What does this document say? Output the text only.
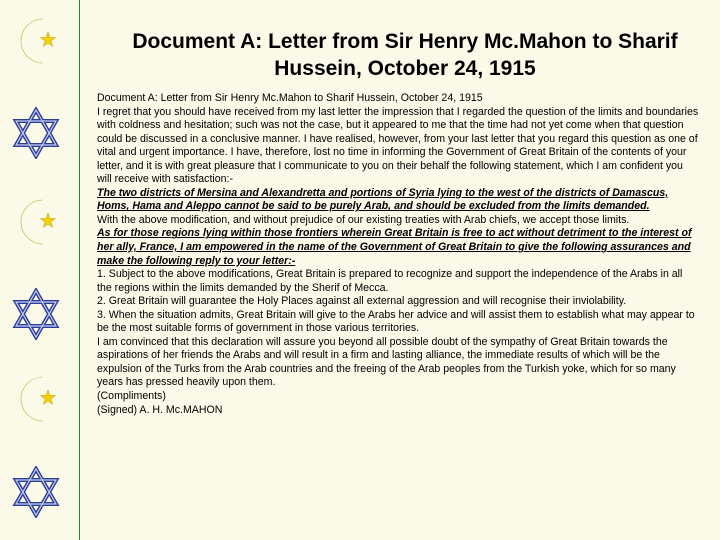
Document A: Letter from Sir Henry Mc.Mahon to Sharif Hussein, October 24, 1915

Document A: Letter from Sir Henry Mc.Mahon to Sharif Hussein, October 24, 1915

I regret that you should have received from my last letter the impression that I regarded the question of the limits and boundaries with coldness and hesitation; such was not the case, but it appeared to me that the time had not yet come when that question could be discussed in a conclusive manner. I have realised, however, from your last letter that you regard this question as one of vital and urgent importance. I have, therefore, lost no time in informing the Government of Great Britain of the contents of your letter, and it is with great pleasure that I communicate to you on their behalf the following statement, which I am confident you will receive with satisfaction:-

The two districts of Mersina and Alexandretta and portions of Syria lying to the west of the districts of Damascus, Homs, Hama and Aleppo cannot be said to be purely Arab, and should be excluded from the limits demanded.

With the above modification, and without prejudice of our existing treaties with Arab chiefs, we accept those limits.

As for those regions lying within those frontiers wherein Great Britain is free to act without detriment to the interest of her ally, France, I am empowered in the name of the Government of Great Britain to give the following assurances and make the following reply to your letter:-

1. Subject to the above modifications, Great Britain is prepared to recognize and support the independence of the Arabs in all the regions within the limits demanded by the Sherif of Mecca.

2. Great Britain will guarantee the Holy Places against all external aggression and will recognise their inviolability.

3. When the situation admits, Great Britain will give to the Arabs her advice and will assist them to establish what may appear to be the most suitable forms of government in those various territories.

I am convinced that this declaration will assure you beyond all possible doubt of the sympathy of Great Britain towards the aspirations of her friends the Arabs and will result in a firm and lasting alliance, the immediate results of which will be the expulsion of the Turks from the Arab countries and the freeing of the Arab peoples from the Turkish yoke, which for so many years has pressed heavily upon them.

(Compliments)

(Signed) A. H. Mc.MAHON
